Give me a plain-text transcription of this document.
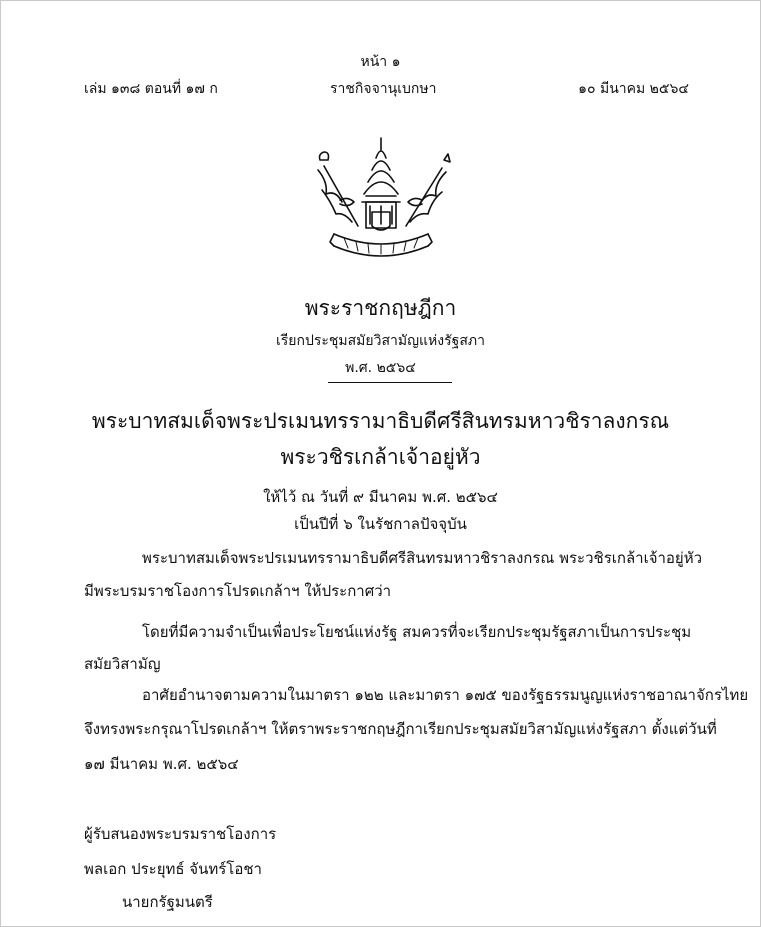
หน้า ๑
เล่ม ๑๓๘ ตอนที่ ๑๗ ก	ราชกิจจานุเบกษา	๑๐ มีนาคม ๒๕๖๔
พระราชกฤษฎีกา
เรียกประชุมสมัยวิสามัญแห่งรัฐสภา
พ.ศ. ๒๕๖๔
พระบาทสมเด็จพระปรเมนทรรามาธิบดีศรีสินทรมหาวชิราลงกรณ
พระวชิรเกล้าเจ้าอยู่หัว
ให้ไว้ ณ วันที่ ๙ มีนาคม พ.ศ. ๒๕๖๔
เป็นปีที่ ๖ ในรัชกาลปัจจุบัน
พระบาทสมเด็จพระปรเมนทรรามาธิบดีศรีสินทรมหาวชิราลงกรณ พระวชิรเกล้าเจ้าอยู่หัว
มีพระบรมราชโองการโปรดเกล้าฯ ให้ประกาศว่า
โดยที่มีความจำเป็นเพื่อประโยชน์แห่งรัฐ สมควรที่จะเรียกประชุมรัฐสภาเป็นการประชุม
สมัยวิสามัญ
อาศัยอำนาจตามความในมาตรา ๑๒๒ และมาตรา ๑๗๕ ของรัฐธรรมนูญแห่งราชอาณาจักรไทย
จึงทรงพระกรุณาโปรดเกล้าฯ ให้ตราพระราชกฤษฎีกาเรียกประชุมสมัยวิสามัญแห่งรัฐสภา ตั้งแต่วันที่
๑๗ มีนาคม พ.ศ. ๒๕๖๔
ผู้รับสนองพระบรมราชโองการ
พลเอก ประยุทธ์ จันทร์โอชา
นายกรัฐมนตรี
